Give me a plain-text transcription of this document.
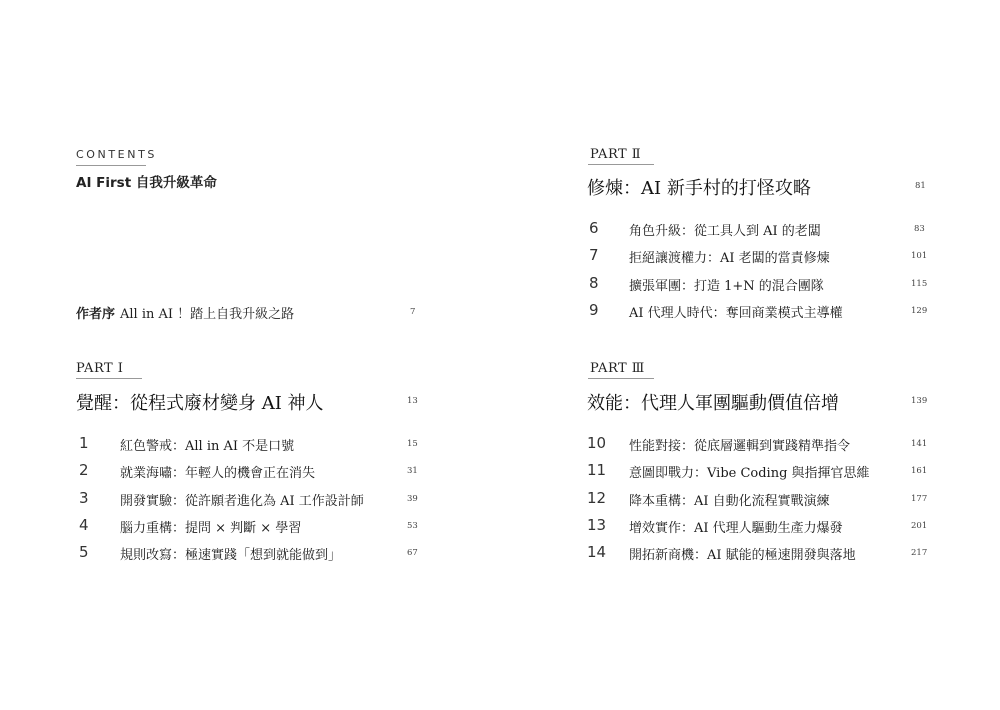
CONTENTS
AI First 自我升級革命
作者序 All in AI ！踏上自我升級之路	7
PART Ⅰ
覺醒：從程式廢材變身 AI 神人	13
1	紅色警戒：All in AI 不是口號	15
2	就業海嘯：年輕人的機會正在消失	31
3	開發實驗：從許願者進化為 AI 工作設計師	39
4	腦力重構：提問 × 判斷 × 學習	53
5	規則改寫：極速實踐「想到就能做到」	67
PART Ⅱ
修煉：AI 新手村的打怪攻略	81
6	角色升級：從工具人到 AI 的老闆	83
7	拒絕讓渡權力：AI 老闆的當責修煉	101
8	擴張軍團：打造 1+N 的混合團隊	115
9	AI 代理人時代：奪回商業模式主導權	129
PART Ⅲ
效能：代理人軍團驅動價值倍增	139
10 性能對接：從底層邏輯到實踐精準指令	141
11 意圖即戰力：Vibe Coding 與指揮官思維	161
12 降本重構：AI 自動化流程實戰演練	177
13 增效實作：AI 代理人驅動生產力爆發	201
14 開拓新商機：AI 賦能的極速開發與落地	217
